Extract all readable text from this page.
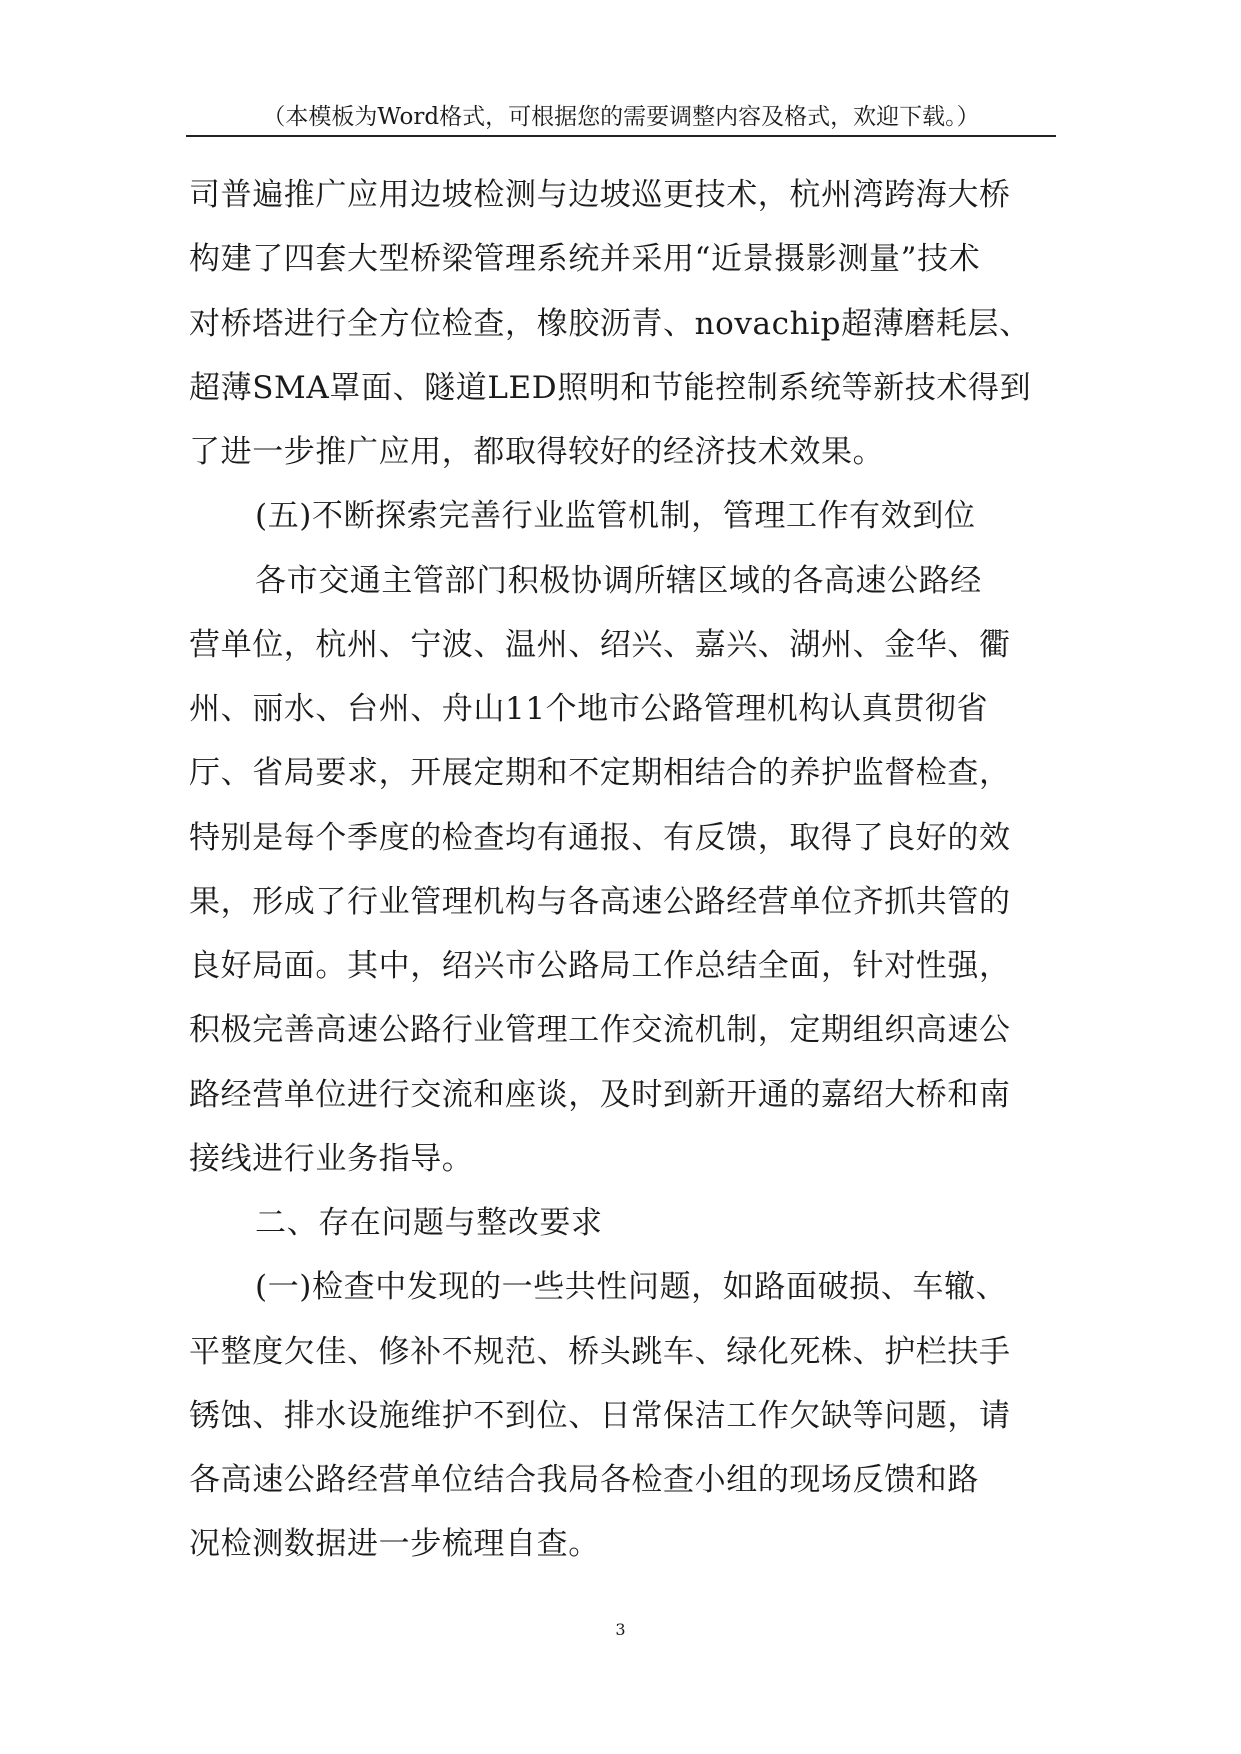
（本模板为Word格式，可根据您的需要调整内容及格式，欢迎下载。）
司普遍推广应用边坡检测与边坡巡更技术，杭州湾跨海大桥
构建了四套大型桥梁管理系统并采用“近景摄影测量”技术
对桥塔进行全方位检查，橡胶沥青、novachip超薄磨耗层、
超薄SMA罩面、隧道LED照明和节能控制系统等新技术得到
了进一步推广应用，都取得较好的经济技术效果。
(五)不断探索完善行业监管机制，管理工作有效到位
各市交通主管部门积极协调所辖区域的各高速公路经
营单位，杭州、宁波、温州、绍兴、嘉兴、湖州、金华、衢
州、丽水、台州、舟山11个地市公路管理机构认真贯彻省
厅、省局要求，开展定期和不定期相结合的养护监督检查，
特别是每个季度的检查均有通报、有反馈，取得了良好的效
果，形成了行业管理机构与各高速公路经营单位齐抓共管的
良好局面。其中，绍兴市公路局工作总结全面，针对性强，
积极完善高速公路行业管理工作交流机制，定期组织高速公
路经营单位进行交流和座谈，及时到新开通的嘉绍大桥和南
接线进行业务指导。
二、存在问题与整改要求
(一)检查中发现的一些共性问题，如路面破损、车辙、
平整度欠佳、修补不规范、桥头跳车、绿化死株、护栏扶手
锈蚀、排水设施维护不到位、日常保洁工作欠缺等问题，请
各高速公路经营单位结合我局各检查小组的现场反馈和路
况检测数据进一步梳理自查。
3
